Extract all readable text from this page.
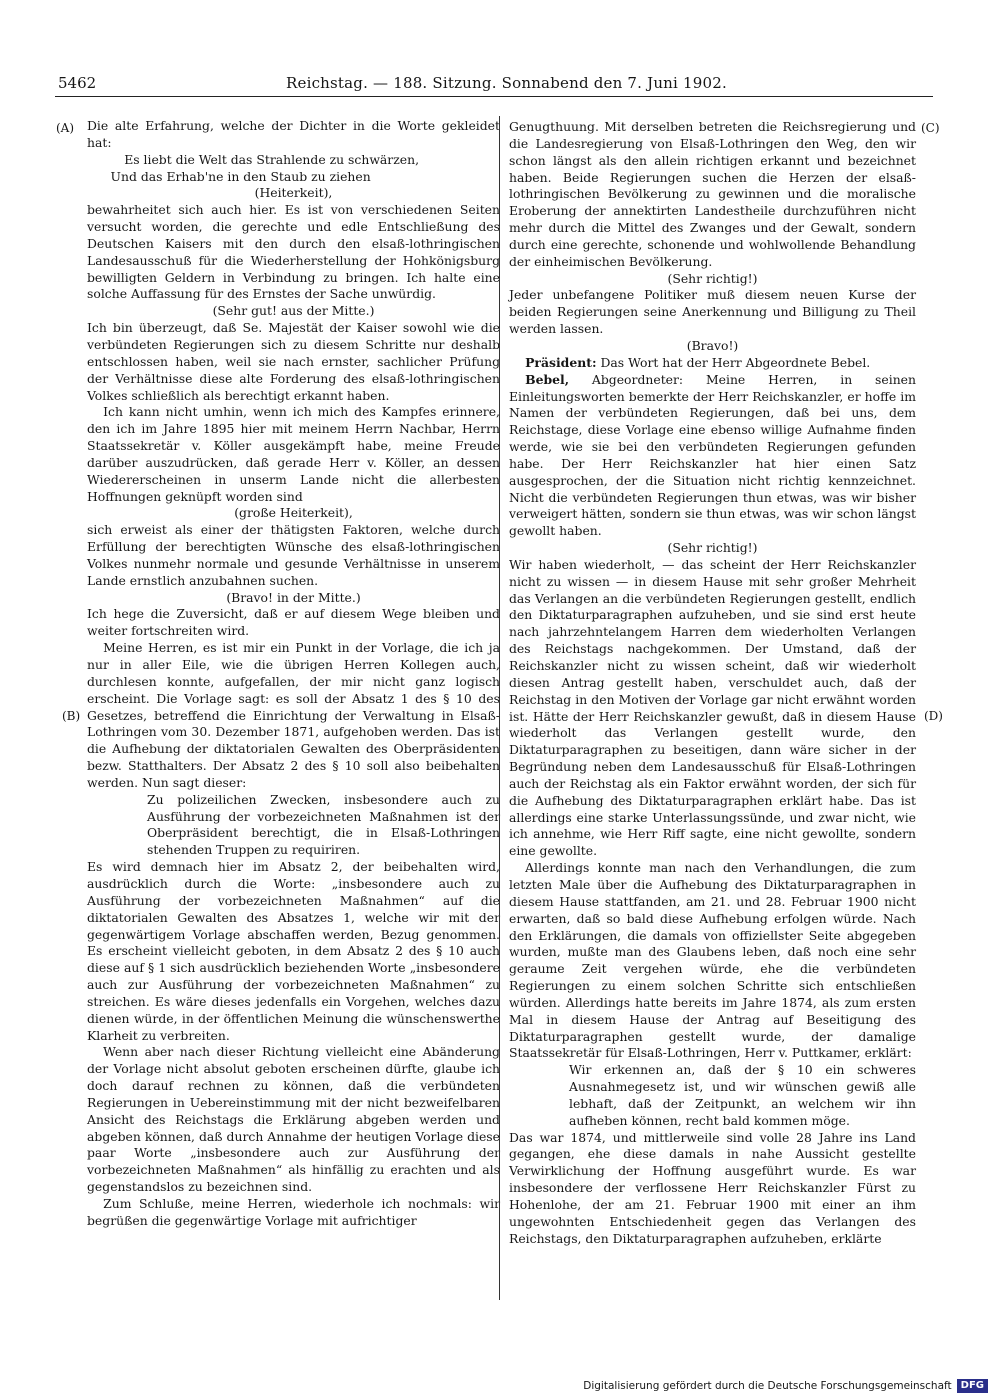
5462	Reichstag. — 188. Sitzung. Sonnabend den 7. Juni 1902.
(A)
(B)
(C)
(D)

Die alte Erfahrung, welche der Dichter in die Worte gekleidet hat:

Es liebt die Welt das Strahlende zu schwärzen,

Und das Erhab'ne in den Staub zu ziehen

(Heiterkeit),

bewahrheitet sich auch hier. Es ist von verschiedenen Seiten versucht worden, die gerechte und edle Entschließung des Deutschen Kaisers mit den durch den elsaß-lothringischen Landesausschuß für die Wiederherstellung der Hohkönigsburg bewilligten Geldern in Verbindung zu bringen. Ich halte eine solche Auffassung für des Ernstes der Sache unwürdig.

(Sehr gut! aus der Mitte.)

Ich bin überzeugt, daß Se. Majestät der Kaiser sowohl wie die verbündeten Regierungen sich zu diesem Schritte nur deshalb entschlossen haben, weil sie nach ernster, sachlicher Prüfung der Verhältnisse diese alte Forderung des elsaß-lothringischen Volkes schließlich als berechtigt erkannt haben.

Ich kann nicht umhin, wenn ich mich des Kampfes erinnere, den ich im Jahre 1895 hier mit meinem Herrn Nachbar, Herrn Staatssekretär v. Köller ausgekämpft habe, meine Freude darüber auszudrücken, daß gerade Herr v. Köller, an dessen Wiedererscheinen in unserm Lande nicht die allerbesten Hoffnungen geknüpft worden sind

(große Heiterkeit),

sich erweist als einer der thätigsten Faktoren, welche durch Erfüllung der berechtigten Wünsche des elsaß-lothringischen Volkes nunmehr normale und gesunde Verhältnisse in unserem Lande ernstlich anzubahnen suchen.

(Bravo! in der Mitte.)

Ich hege die Zuversicht, daß er auf diesem Wege bleiben und weiter fortschreiten wird.

Meine Herren, es ist mir ein Punkt in der Vorlage, die ich ja nur in aller Eile, wie die übrigen Herren Kollegen auch, durchlesen konnte, aufgefallen, der mir nicht ganz logisch erscheint. Die Vorlage sagt: es soll der Absatz 1 des § 10 des Gesetzes, betreffend die Einrichtung der Verwaltung in Elsaß-Lothringen vom 30. Dezember 1871, aufgehoben werden. Das ist die Aufhebung der diktatorialen Gewalten des Oberpräsidenten bezw. Statthalters. Der Absatz 2 des § 10 soll also beibehalten werden. Nun sagt dieser:

Zu polizeilichen Zwecken, insbesondere auch zu Ausführung der vorbezeichneten Maßnahmen ist der Oberpräsident berechtigt, die in Elsaß-Lothringen stehenden Truppen zu requiriren.

Es wird demnach hier im Absatz 2, der beibehalten wird, ausdrücklich durch die Worte: „insbesondere auch zu Ausführung der vorbezeichneten Maßnahmen“ auf die diktatorialen Gewalten des Absatzes 1, welche wir mit der gegenwärtigem Vorlage abschaffen werden, Bezug genommen. Es erscheint vielleicht geboten, in dem Absatz 2 des § 10 auch diese auf § 1 sich ausdrücklich beziehenden Worte „insbesondere auch zur Ausführung der vorbezeichneten Maßnahmen“ zu streichen. Es wäre dieses jedenfalls ein Vorgehen, welches dazu dienen würde, in der öffentlichen Meinung die wünschenswerthe Klarheit zu verbreiten.

Wenn aber nach dieser Richtung vielleicht eine Abänderung der Vorlage nicht absolut geboten erscheinen dürfte, glaube ich doch darauf rechnen zu können, daß die verbündeten Regierungen in Uebereinstimmung mit der nicht bezweifelbaren Ansicht des Reichstags die Erklärung abgeben werden und abgeben können, daß durch Annahme der heutigen Vorlage diese paar Worte „insbesondere auch zur Ausführung der vorbezeichneten Maßnahmen“ als hinfällig zu erachten und als gegenstandslos zu bezeichnen sind.

Zum Schluße, meine Herren, wiederhole ich nochmals: wir begrüßen die gegenwärtige Vorlage mit aufrichtiger

Genugthuung. Mit derselben betreten die Reichsregierung und die Landesregierung von Elsaß-Lothringen den Weg, den wir schon längst als den allein richtigen erkannt und bezeichnet haben. Beide Regierungen suchen die Herzen der elsaß-lothringischen Bevölkerung zu gewinnen und die moralische Eroberung der annektirten Landestheile durchzuführen nicht mehr durch die Mittel des Zwanges und der Gewalt, sondern durch eine gerechte, schonende und wohlwollende Behandlung der einheimischen Bevölkerung.

(Sehr richtig!)

Jeder unbefangene Politiker muß diesem neuen Kurse der beiden Regierungen seine Anerkennung und Billigung zu Theil werden lassen.

(Bravo!)

Präsident: Das Wort hat der Herr Abgeordnete Bebel.

Bebel, Abgeordneter: Meine Herren, in seinen Einleitungsworten bemerkte der Herr Reichskanzler, er hoffe im Namen der verbündeten Regierungen, daß bei uns, dem Reichstage, diese Vorlage eine ebenso willige Aufnahme finden werde, wie sie bei den verbündeten Regierungen gefunden habe. Der Herr Reichskanzler hat hier einen Satz ausgesprochen, der die Situation nicht richtig kennzeichnet. Nicht die verbündeten Regierungen thun etwas, was wir bisher verweigert hätten, sondern sie thun etwas, was wir schon längst gewollt haben.

(Sehr richtig!)

Wir haben wiederholt, — das scheint der Herr Reichskanzler nicht zu wissen — in diesem Hause mit sehr großer Mehrheit das Verlangen an die verbündeten Regierungen gestellt, endlich den Diktaturparagraphen aufzuheben, und sie sind erst heute nach jahrzehntelangem Harren dem wiederholten Verlangen des Reichstags nachgekommen. Der Umstand, daß der Reichskanzler nicht zu wissen scheint, daß wir wiederholt diesen Antrag gestellt haben, verschuldet auch, daß der Reichstag in den Motiven der Vorlage gar nicht erwähnt worden ist. Hätte der Herr Reichskanzler gewußt, daß in diesem Hause wiederholt das Verlangen gestellt wurde, den Diktaturparagraphen zu beseitigen, dann wäre sicher in der Begründung neben dem Landesausschuß für Elsaß-Lothringen auch der Reichstag als ein Faktor erwähnt worden, der sich für die Aufhebung des Diktaturparagraphen erklärt habe. Das ist allerdings eine starke Unterlassungssünde, und zwar nicht, wie ich annehme, wie Herr Riff sagte, eine nicht gewollte, sondern eine gewollte.

Allerdings konnte man nach den Verhandlungen, die zum letzten Male über die Aufhebung des Diktaturparagraphen in diesem Hause stattfanden, am 21. und 28. Februar 1900 nicht erwarten, daß so bald diese Aufhebung erfolgen würde. Nach den Erklärungen, die damals von offiziellster Seite abgegeben wurden, mußte man des Glaubens leben, daß noch eine sehr geraume Zeit vergehen würde, ehe die verbündeten Regierungen zu einem solchen Schritte sich entschließen würden. Allerdings hatte bereits im Jahre 1874, als zum ersten Mal in diesem Hause der Antrag auf Beseitigung des Diktaturparagraphen gestellt wurde, der damalige Staatssekretär für Elsaß-Lothringen, Herr v. Puttkamer, erklärt:

Wir erkennen an, daß der § 10 ein schweres Ausnahmegesetz ist, und wir wünschen gewiß alle lebhaft, daß der Zeitpunkt, an welchem wir ihn aufheben können, recht bald kommen möge.

Das war 1874, und mittlerweile sind volle 28 Jahre ins Land gegangen, ehe diese damals in nahe Aussicht gestellte Verwirklichung der Hoffnung ausgeführt wurde. Es war insbesondere der verflossene Herr Reichskanzler Fürst zu Hohenlohe, der am 21. Februar 1900 mit einer an ihm ungewohnten Entschiedenheit gegen das Verlangen des Reichstags, den Diktaturparagraphen aufzuheben, erklärte

Digitalisierung gefördert durch die Deutsche Forschungsgemeinschaft DFG
